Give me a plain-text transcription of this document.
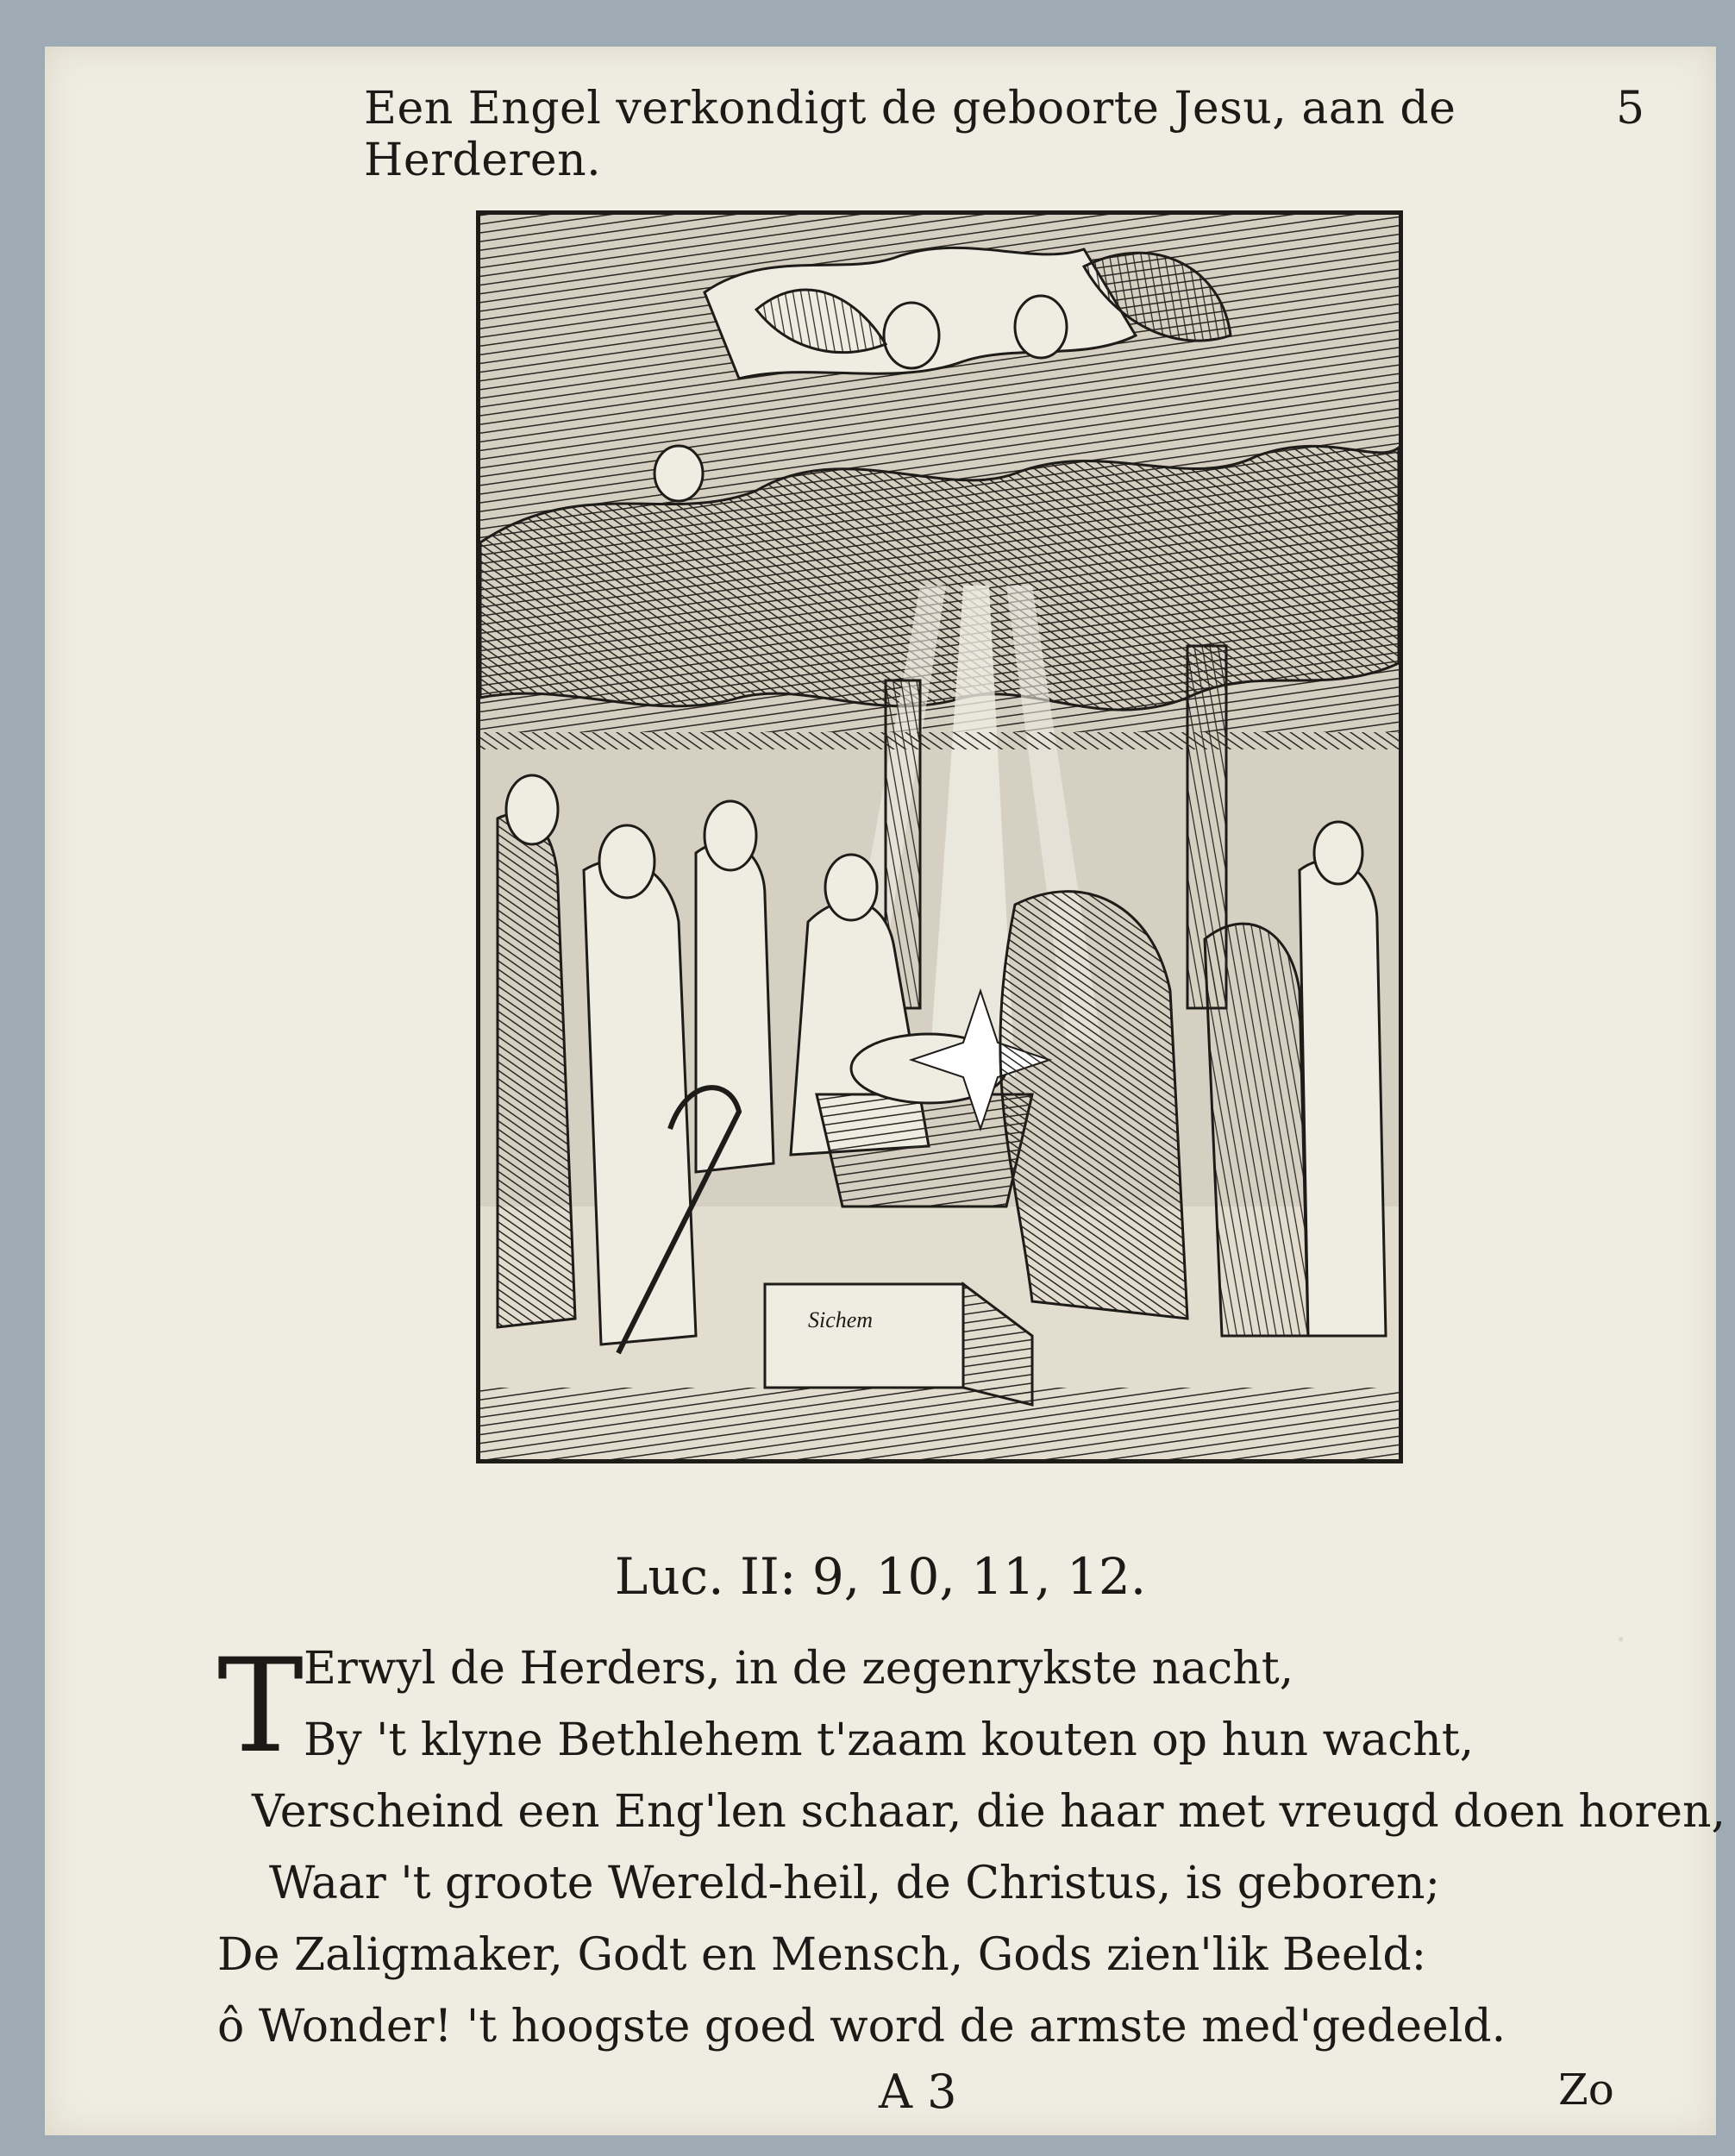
·
Een Engel verkondigt de geboorte Jesu, aan de Herderen.
5
Sichem
Luc. II: 9, 10, 11, 12.
T Erwyl de Herders, in de zegenrykste nacht,
By 't klyne Bethlehem t'zaam kouten op hun wacht,
Verscheind een Eng'len schaar, die haar met vreugd doen horen,
Waar 't groote Wereld-heil, de Christus, is geboren;
De Zaligmaker, Godt en Mensch, Gods zien'lik Beeld:
ô Wonder! 't hoogste goed word de armste med'gedeeld.
A 3	Zo
